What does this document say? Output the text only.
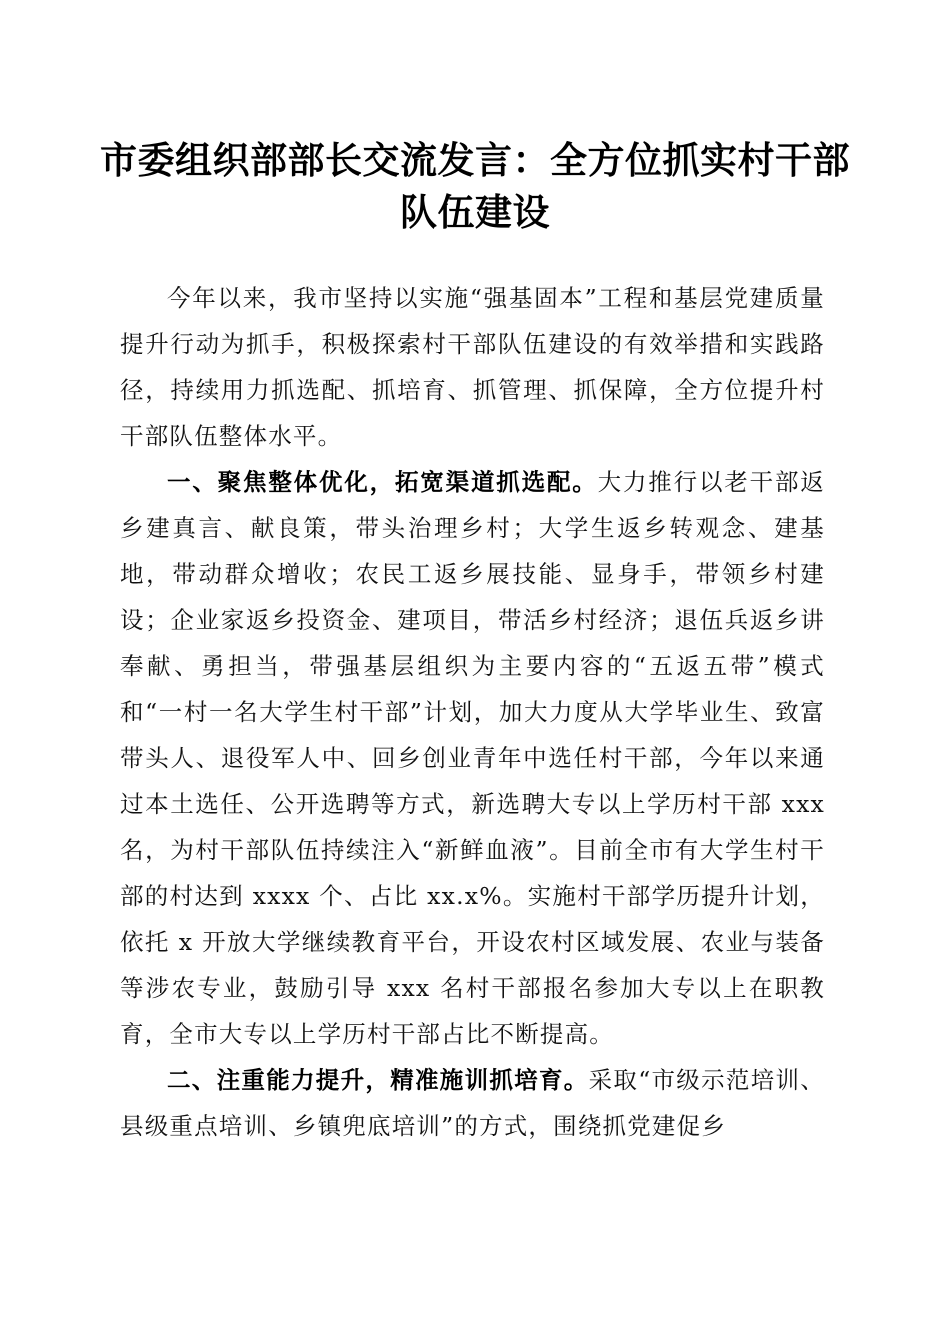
市委组织部部长交流发言：全方位抓实村干部
队伍建设

今年以来，我市坚持以实施“强基固本”工程和基层党建质量提升行动为抓手，积极探索村干部队伍建设的有效举措和实践路径，持续用力抓选配、抓培育、抓管理、抓保障，全方位提升村干部队伍整体水平。

一、聚焦整体优化，拓宽渠道抓选配。大力推行以老干部返乡建真言、献良策，带头治理乡村；大学生返乡转观念、建基地，带动群众增收；农民工返乡展技能、显身手，带领乡村建设；企业家返乡投资金、建项目，带活乡村经济；退伍兵返乡讲奉献、勇担当，带强基层组织为主要内容的“五返五带”模式和“一村一名大学生村干部”计划，加大力度从大学毕业生、致富带头人、退役军人中、回乡创业青年中选任村干部，今年以来通过本土选任、公开选聘等方式，新选聘大专以上学历村干部 xxx 名，为村干部队伍持续注入“新鲜血液”。目前全市有大学生村干部的村达到 xxxx 个、占比 xx.x%。实施村干部学历提升计划，依托 x 开放大学继续教育平台，开设农村区域发展、农业与装备等涉农专业，鼓励引导 xxx 名村干部报名参加大专以上在职教育，全市大专以上学历村干部占比不断提高。

二、注重能力提升，精准施训抓培育。采取“市级示范培训、县级重点培训、乡镇兜底培训”的方式，围绕抓党建促乡
